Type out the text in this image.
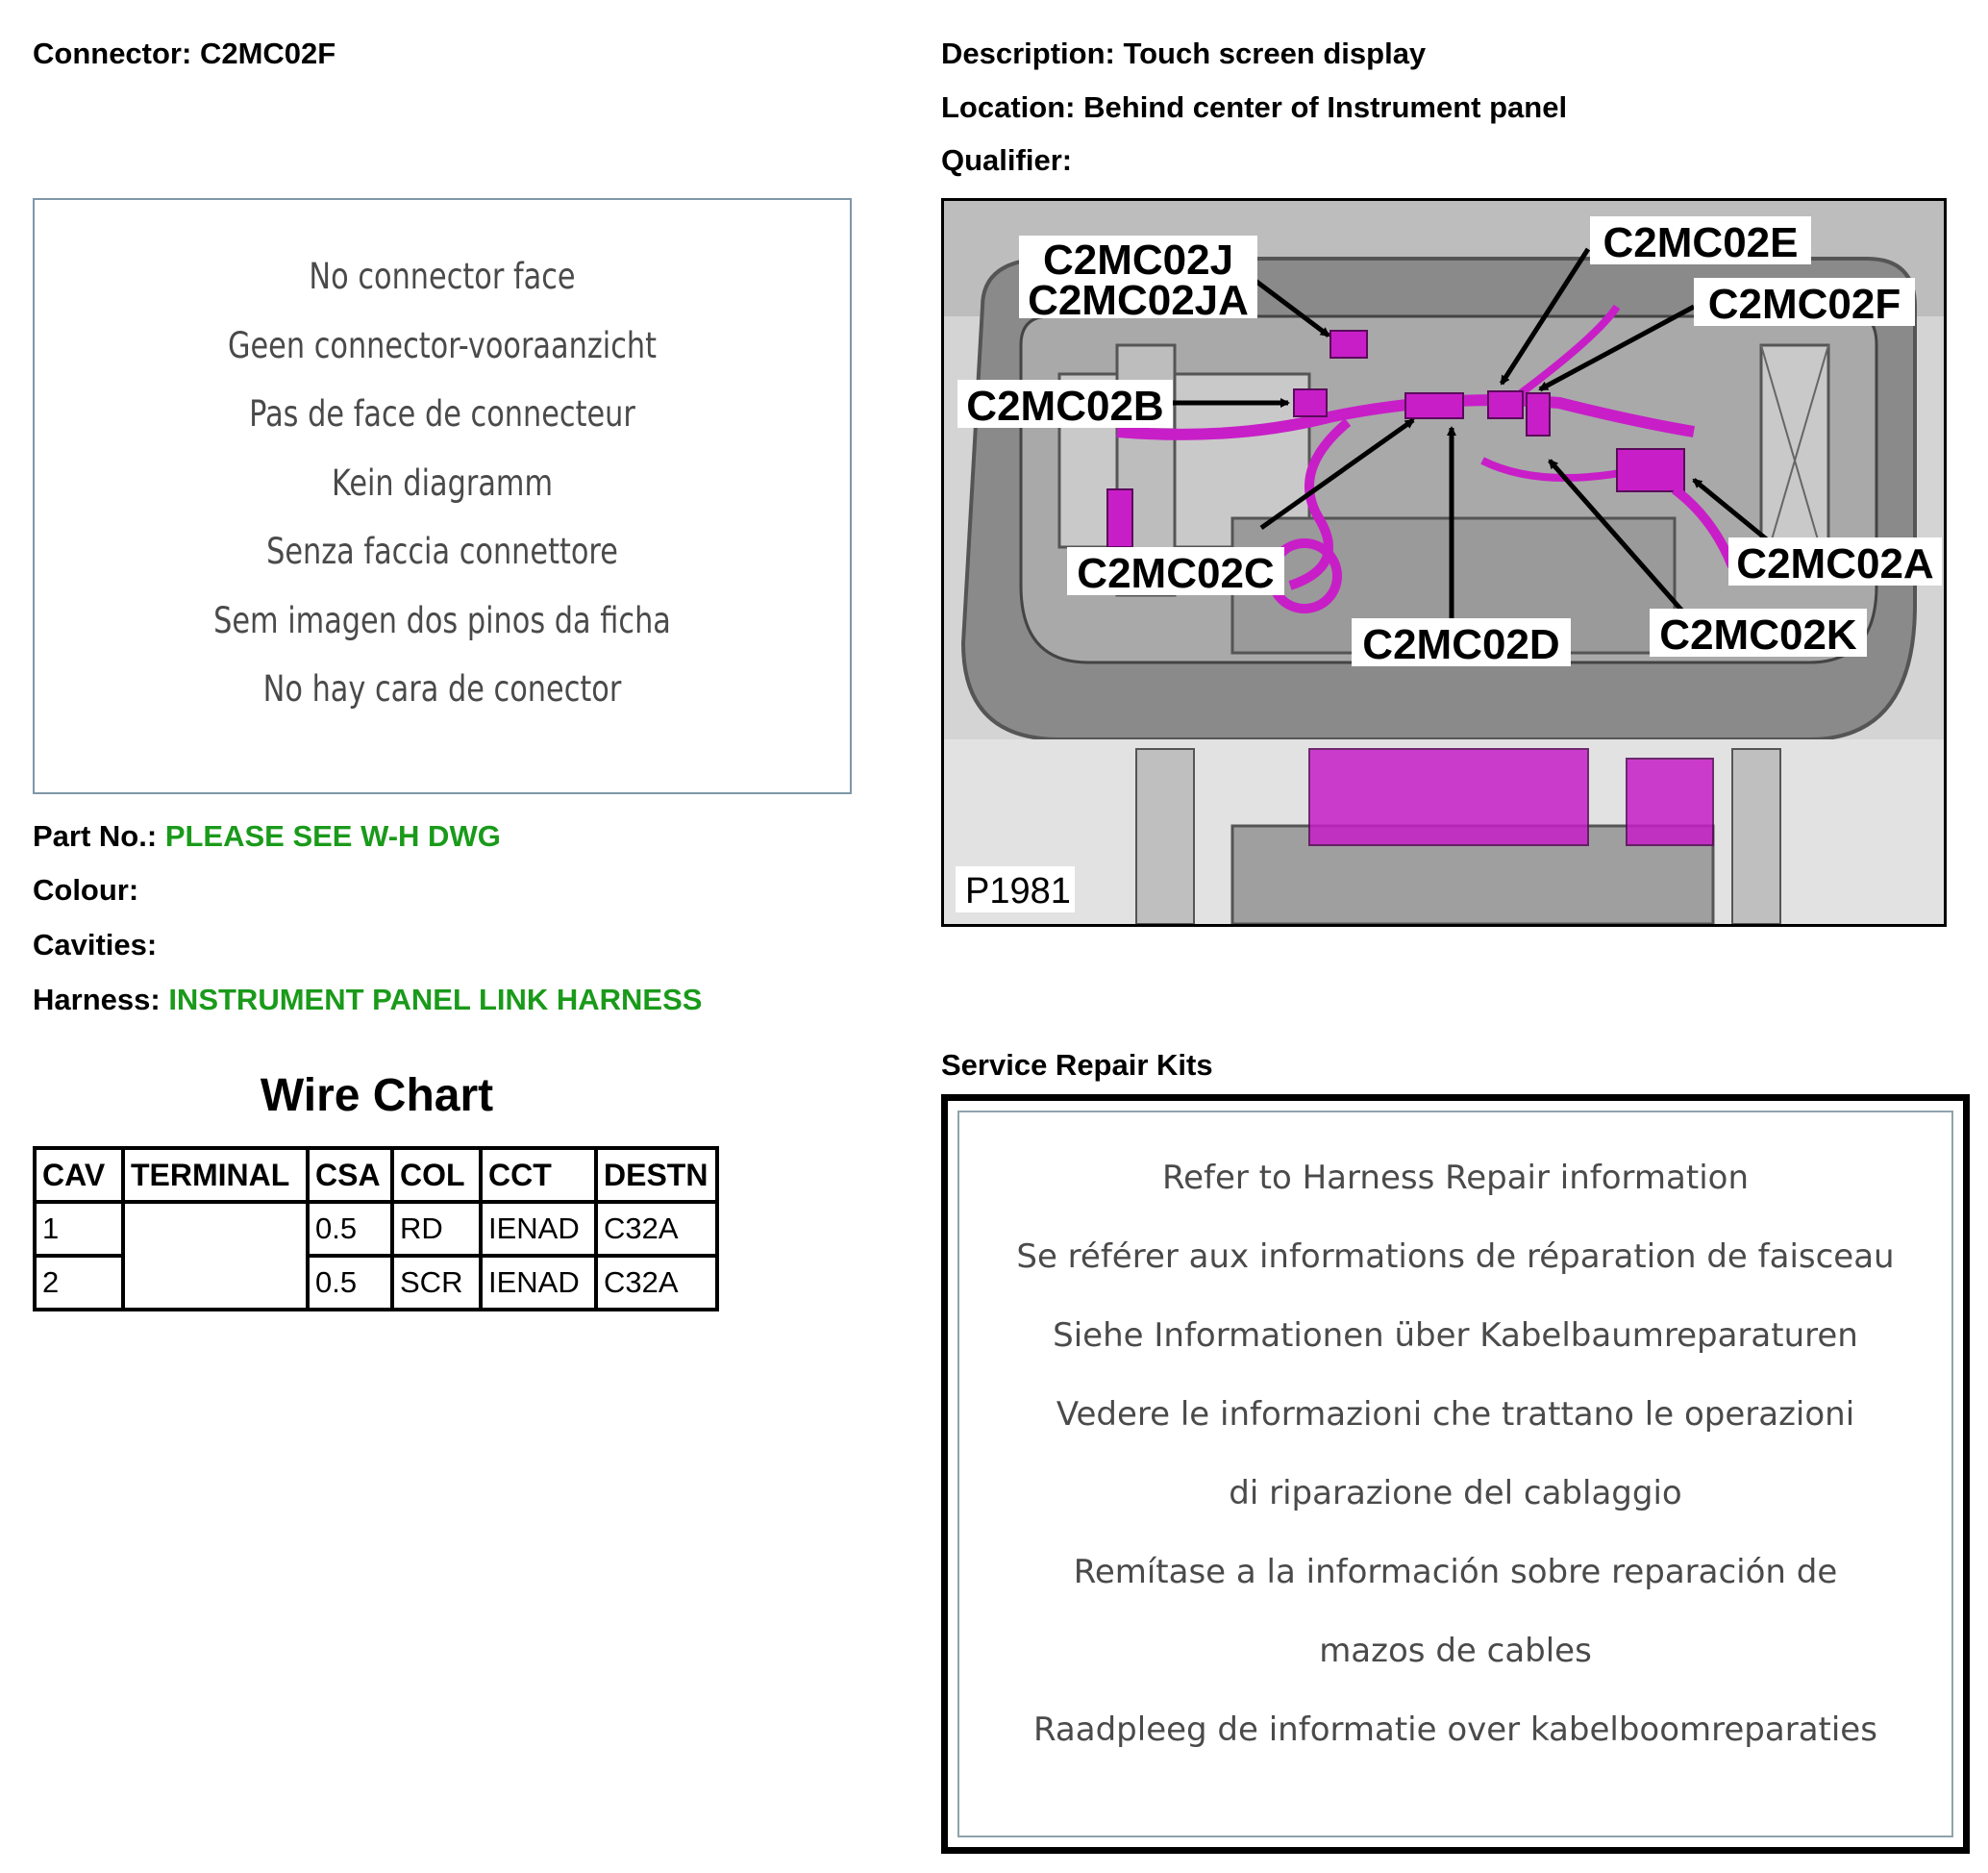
Connector: C2MC02F	Description: Touch screen display
Location: Behind center of Instrument panel
Qualifier:
No connector face
Geen connector-vooraanzicht
Pas de face de connecteur
Kein diagramm
Senza faccia connettore
Sem imagen dos pinos da ficha
No hay cara de conector
Part No.: PLEASE SEE W-H DWG
Colour:
Cavities:
Harness: INSTRUMENT PANEL LINK HARNESS
Wire Chart
CAV	TERMINAL	CSA	COL	CCT	DESTN
1		0.5	RD	IENAD	C32A
2		0.5	SCR	IENAD	C32A
C2MC02J
C2MC02JA
C2MC02E
C2MC02F
C2MC02B
C2MC02C
C2MC02D C2MC02K
C2MC02A
P1981
Service Repair Kits
Refer to Harness Repair information
Se référer aux informations de réparation de faisceau
Siehe Informationen über Kabelbaumreparaturen
Vedere le informazioni che trattano le operazioni
di riparazione del cablaggio
Remítase a la información sobre reparación de
mazos de cables
Raadpleeg de informatie over kabelboomreparaties
